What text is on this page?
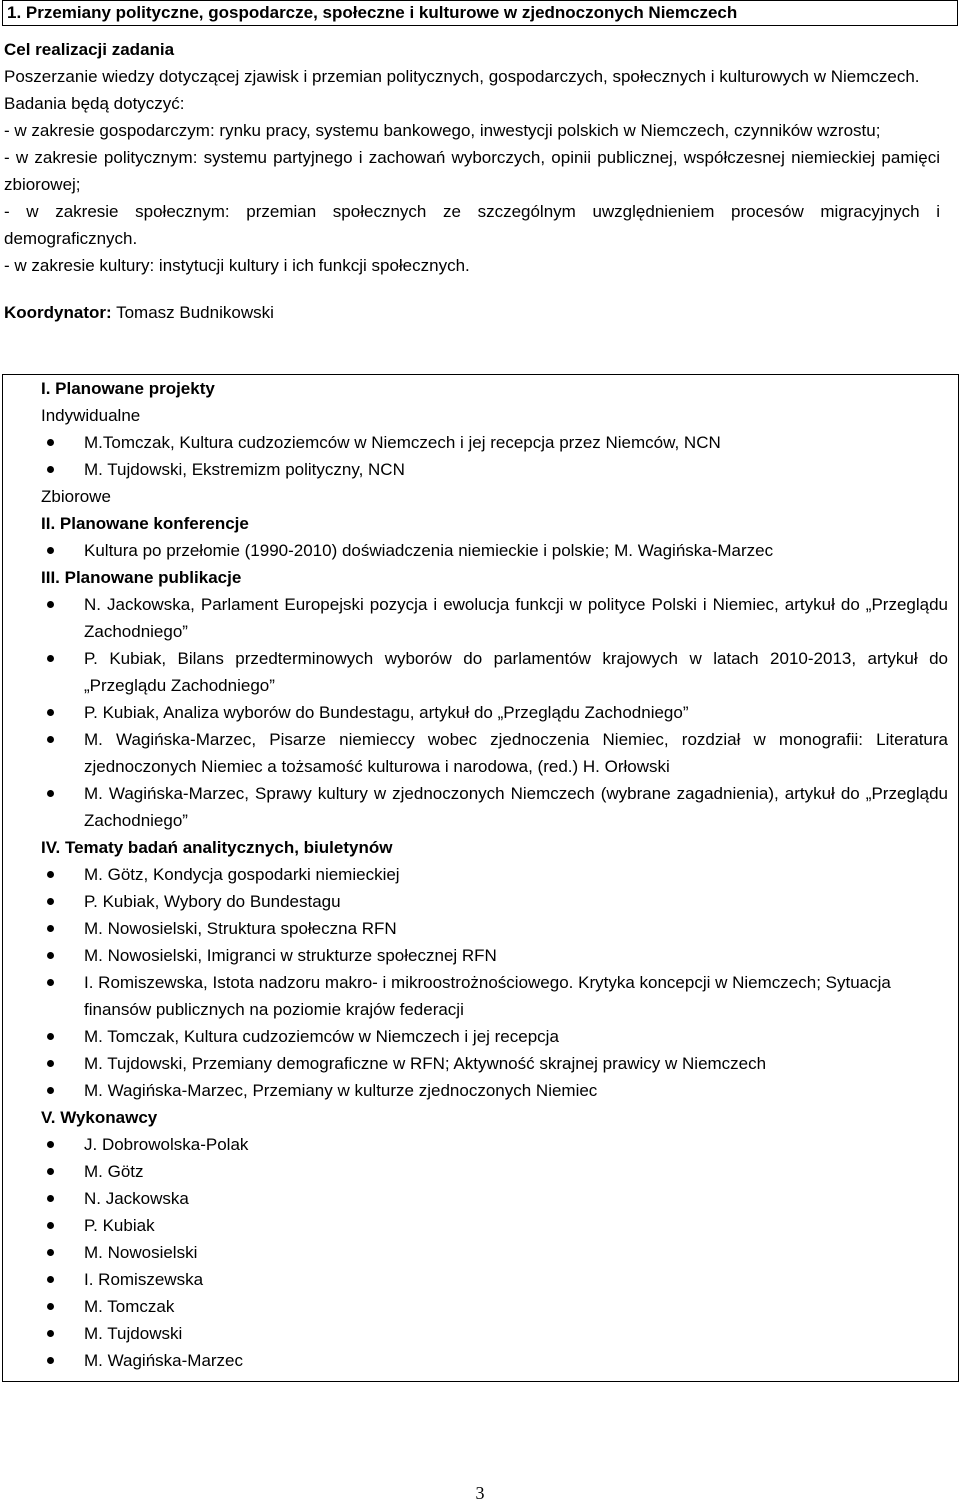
1. Przemiany polityczne, gospodarcze, społeczne i kulturowe w zjednoczonych Niemczech

Cel realizacji zadania

Poszerzanie wiedzy dotyczącej zjawisk i przemian politycznych, gospodarczych, społecznych i kulturowych w Niemczech. Badania będą dotyczyć:

- w zakresie gospodarczym: rynku pracy, systemu bankowego, inwestycji polskich w Niemczech, czynników wzrostu;

- w zakresie politycznym: systemu partyjnego i zachowań wyborczych, opinii publicznej, współczesnej niemieckiej pamięci zbiorowej;

- w zakresie społecznym: przemian społecznych ze szczególnym uwzględnieniem procesów migracyjnych i demograficznych.

- w zakresie kultury: instytucji kultury i ich funkcji społecznych.

Koordynator: Tomasz Budnikowski

I. Planowane projekty

Indywidualne

M.Tomczak, Kultura cudzoziemców w Niemczech i jej recepcja przez Niemców, NCN
M. Tujdowski, Ekstremizm polityczny, NCN

Zbiorowe

II. Planowane konferencje
Kultura po przełomie (1990-2010) doświadczenia niemieckie i polskie; M. Wagińska-Marzec
III. Planowane publikacje
N. Jackowska, Parlament Europejski pozycja i ewolucja funkcji w polityce Polski i Niemiec, artykuł do „Przeglądu Zachodniego”
P. Kubiak, Bilans przedterminowych wyborów do parlamentów krajowych w latach 2010-2013, artykuł do „Przeglądu Zachodniego”
P. Kubiak, Analiza wyborów do Bundestagu, artykuł do „Przeglądu Zachodniego”
M. Wagińska-Marzec, Pisarze niemieccy wobec zjednoczenia Niemiec, rozdział w monografii: Literatura zjednoczonych Niemiec a tożsamość kulturowa i narodowa, (red.) H. Orłowski
M. Wagińska-Marzec, Sprawy kultury w zjednoczonych Niemczech (wybrane zagadnienia), artykuł do „Przeglądu Zachodniego”
IV. Tematy badań analitycznych, biuletynów
M. Götz, Kondycja gospodarki niemieckiej
P. Kubiak, Wybory do Bundestagu
M. Nowosielski, Struktura społeczna RFN
M. Nowosielski, Imigranci w strukturze społecznej RFN
I. Romiszewska, Istota nadzoru makro- i mikroostrożnościowego. Krytyka koncepcji w Niemczech; Sytuacja finansów publicznych na poziomie krajów federacji
M. Tomczak, Kultura cudzoziemców w Niemczech i jej recepcja
M. Tujdowski, Przemiany demograficzne w RFN; Aktywność skrajnej prawicy w Niemczech
M. Wagińska-Marzec, Przemiany w kulturze zjednoczonych Niemiec
V. Wykonawcy
J. Dobrowolska-Polak
M. Götz
N. Jackowska
P. Kubiak
M. Nowosielski
I. Romiszewska
M. Tomczak
M. Tujdowski
M. Wagińska-Marzec
3
